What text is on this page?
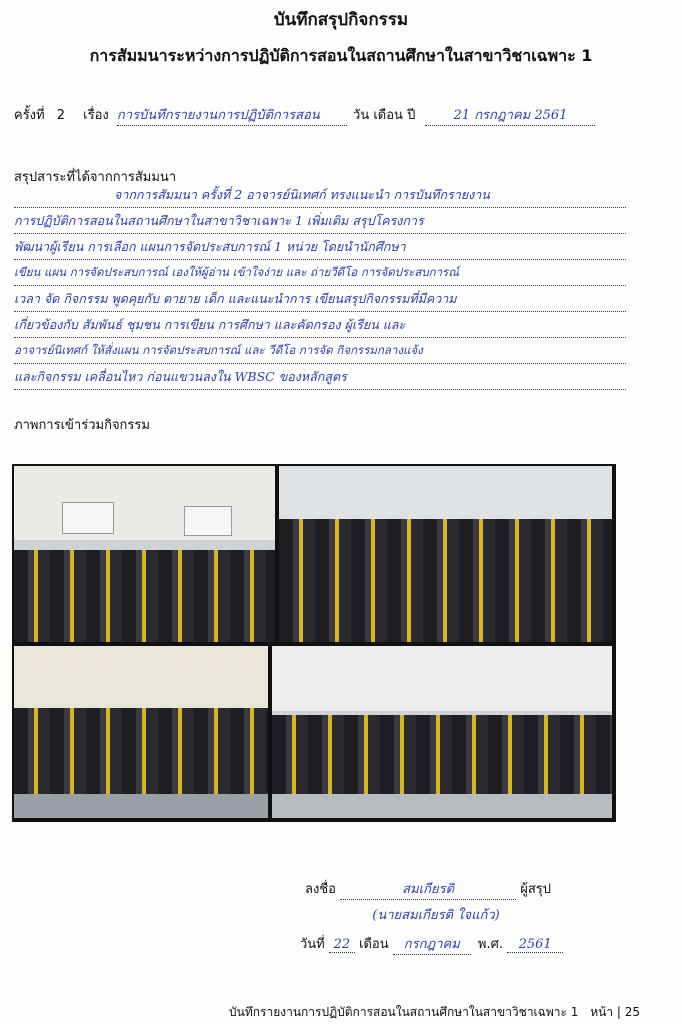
บันทึกสรุปกิจกรรม
การสัมมนาระหว่างการปฏิบัติการสอนในสถานศึกษาในสาขาวิชาเฉพาะ 1
ครั้งที่ 2 เรื่อง การบันทึกรายงานการปฏิบัติการสอน	วัน เดือน ปี	21 กรกฎาคม 2561
สรุปสาระที่ได้จากการสัมมนา
จากการสัมมนา ครั้งที่ 2 อาจารย์นิเทศก์ ทรงแนะนำ การบันทึกรายงาน
การปฏิบัติการสอนในสถานศึกษาในสาขาวิชาเฉพาะ 1 เพิ่มเติม สรุปโครงการ
พัฒนาผู้เรียน การเลือก แผนการจัดประสบการณ์ 1 หน่วย โดยนำนักศึกษา
เขียน แผน การจัดประสบการณ์ เองให้ผู้อ่าน เข้าใจง่าย และ ถ่ายวีดีโอ การจัดประสบการณ์
เวลา จัด กิจกรรม พูดคุยกับ ตายาย เด็ก และแนะนำการ เขียนสรุปกิจกรรมที่มีความ
เกี่ยวข้องกับ สัมพันธ์ ชุมชน การเขียน การศึกษา และคัดกรอง ผู้เรียน และ
อาจารย์นิเทศก์ ให้สั่งแผน การจัดประสบการณ์ และ วีดีโอ การจัด กิจกรรมกลางแจ้ง
และกิจกรรม เคลื่อนไหว ก่อนแขวนลงใน WBSC ของหลักสูตร
ภาพการเข้าร่วมกิจกรรม
ลงชื่อ	สมเกียรติ	ผู้สรุป
(นายสมเกียรติ ใจแก้ว)
วันที่ 22 เดือน กรกฎาคม พ.ศ. 2561
บันทึกรายงานการปฏิบัติการสอนในสถานศึกษาในสาขาวิชาเฉพาะ 1 หน้า | 25
